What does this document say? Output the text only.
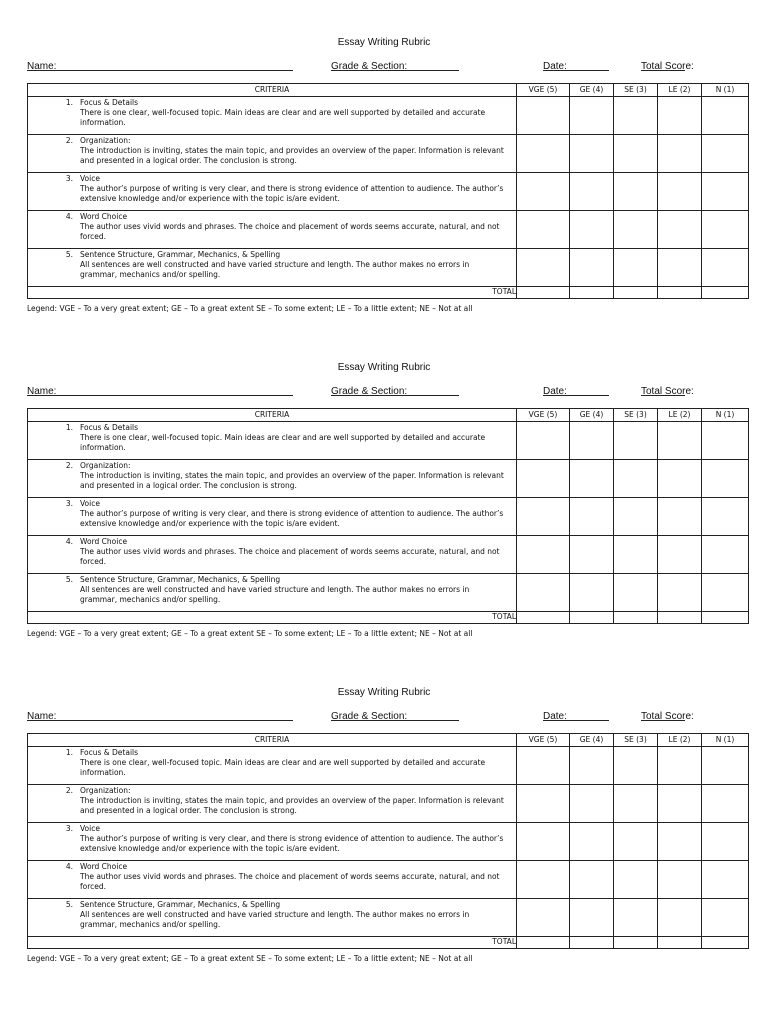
Essay Writing Rubric
Name:	Grade & Section:	Date:	Total Score:
CRITERIA	VGE (5)	GE (4)	SE (3)	LE (2)	N (1)

1. Focus & Details
There is one clear, well-focused topic. Main ideas are clear and are well supported by detailed and accurate information.					

2. Organization:
The introduction is inviting, states the main topic, and provides an overview of the paper. Information is relevant and presented in a logical order. The conclusion is strong.					

3. Voice
The author’s purpose of writing is very clear, and there is strong evidence of attention to audience. The author’s extensive knowledge and/or experience with the topic is/are evident.					

4. Word Choice
The author uses vivid words and phrases. The choice and placement of words seems accurate, natural, and not forced.					

5. Sentence Structure, Grammar, Mechanics, & Spelling
All sentences are well constructed and have varied structure and length. The author makes no errors in grammar, mechanics and/or spelling.					

TOTAL					
Legend: VGE – To a very great extent; GE – To a great extent SE – To some extent; LE – To a little extent; NE – Not at all
Essay Writing Rubric
Name:	Grade & Section:	Date:	Total Score:
CRITERIA	VGE (5)	GE (4)	SE (3)	LE (2)	N (1)

1. Focus & Details
There is one clear, well-focused topic. Main ideas are clear and are well supported by detailed and accurate information.					

2. Organization:
The introduction is inviting, states the main topic, and provides an overview of the paper. Information is relevant and presented in a logical order. The conclusion is strong.					

3. Voice
The author’s purpose of writing is very clear, and there is strong evidence of attention to audience. The author’s extensive knowledge and/or experience with the topic is/are evident.					

4. Word Choice
The author uses vivid words and phrases. The choice and placement of words seems accurate, natural, and not forced.					

5. Sentence Structure, Grammar, Mechanics, & Spelling
All sentences are well constructed and have varied structure and length. The author makes no errors in grammar, mechanics and/or spelling.					

TOTAL					
Legend: VGE – To a very great extent; GE – To a great extent SE – To some extent; LE – To a little extent; NE – Not at all
Essay Writing Rubric
Name:	Grade & Section:	Date:	Total Score:
CRITERIA	VGE (5)	GE (4)	SE (3)	LE (2)	N (1)

1. Focus & Details
There is one clear, well-focused topic. Main ideas are clear and are well supported by detailed and accurate information.					

2. Organization:
The introduction is inviting, states the main topic, and provides an overview of the paper. Information is relevant and presented in a logical order. The conclusion is strong.					

3. Voice
The author’s purpose of writing is very clear, and there is strong evidence of attention to audience. The author’s extensive knowledge and/or experience with the topic is/are evident.					

4. Word Choice
The author uses vivid words and phrases. The choice and placement of words seems accurate, natural, and not forced.					

5. Sentence Structure, Grammar, Mechanics, & Spelling
All sentences are well constructed and have varied structure and length. The author makes no errors in grammar, mechanics and/or spelling.					

TOTAL					
Legend: VGE – To a very great extent; GE – To a great extent SE – To some extent; LE – To a little extent; NE – Not at all
